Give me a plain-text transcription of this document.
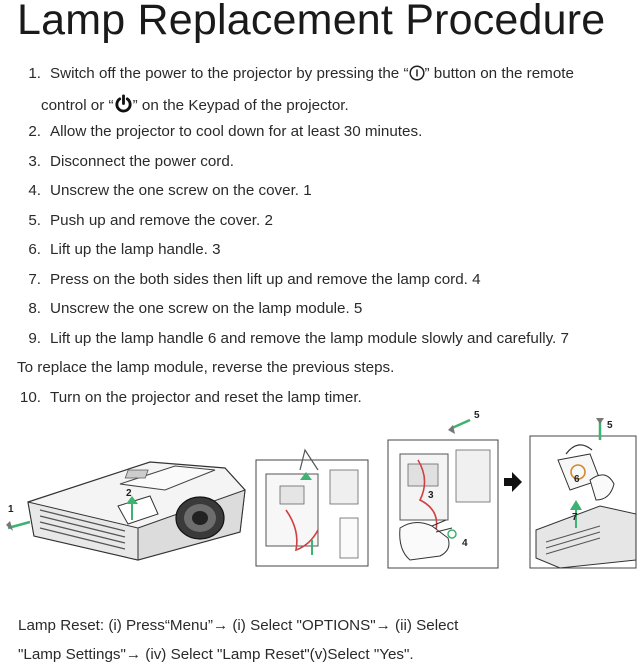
Lamp Replacement Procedure
1. Switch off the power to the projector by pressing the “ ” button on the remote
control or “ ” on the Keypad of the projector.
2. Allow the projector to cool down for at least 30 minutes.
3. Disconnect the power cord.
4. Unscrew the one screw on the cover. 1
5. Push up and remove the cover. 2
6. Lift up the lamp handle. 3
7. Press on the both sides then lift up and remove the lamp cord. 4
8. Unscrew the one screw on the lamp module. 5
9. Lift up the lamp handle 6 and remove the lamp module slowly and carefully. 7
To replace the lamp module, reverse the previous steps.
10. Turn on the projector and reset the lamp timer.
1
2
5
3
4
5
6
7
Lamp Reset: (i) Press“Menu”→ (i) Select "OPTIONS"→ (ii) Select
"Lamp Settings"→ (iv) Select "Lamp Reset"(v)Select "Yes".
